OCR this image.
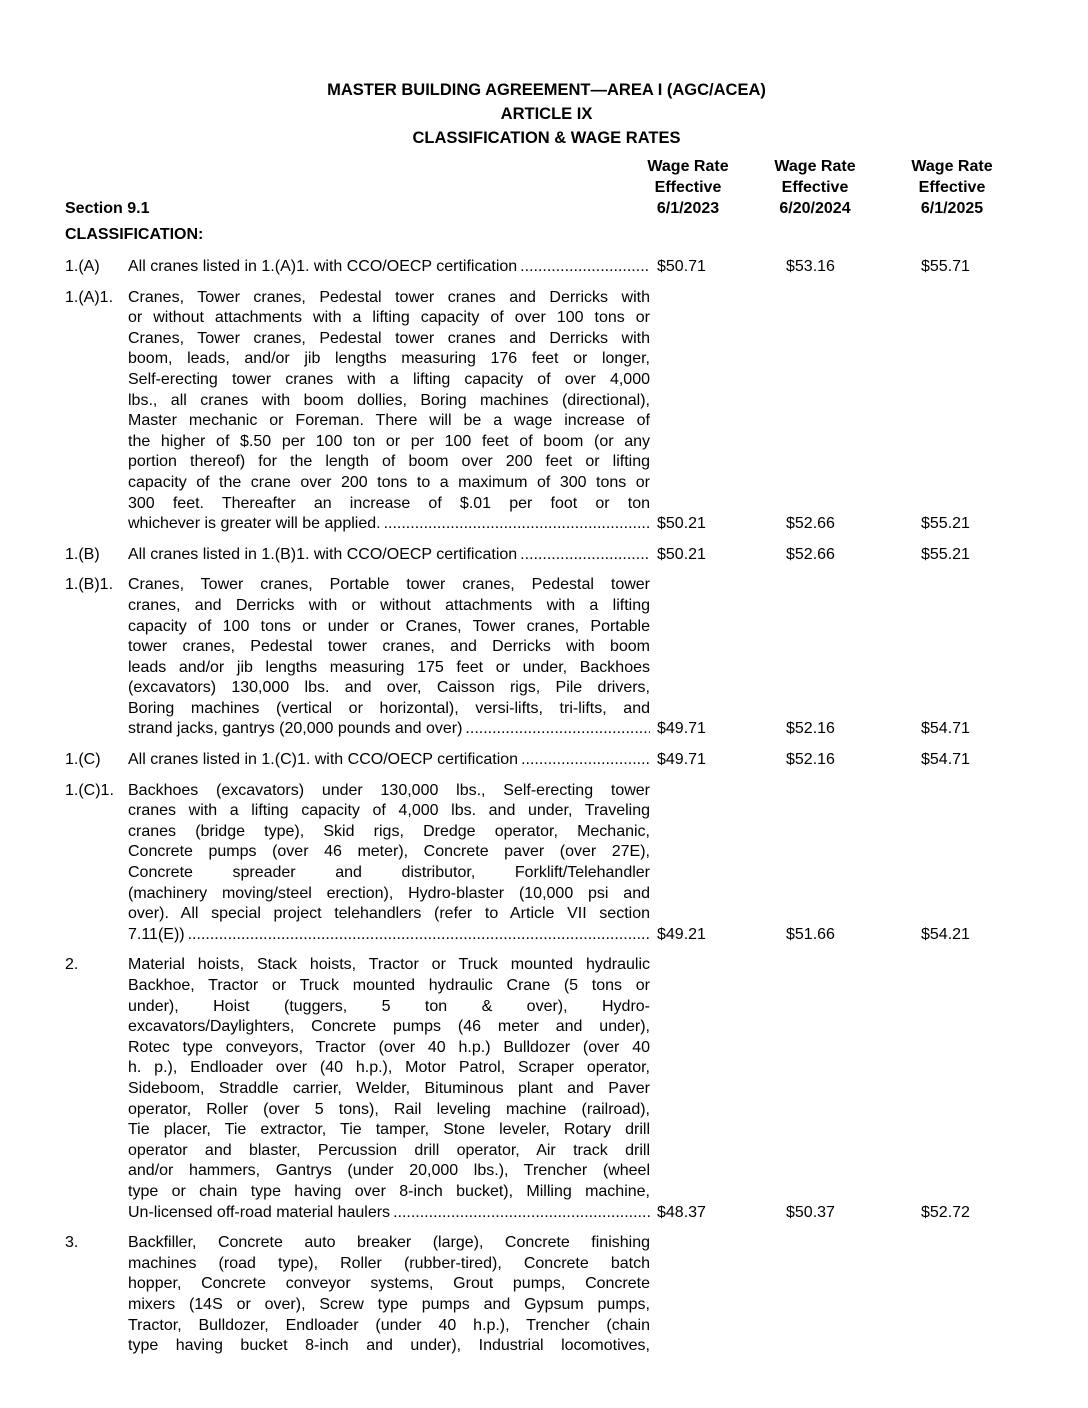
MASTER BUILDING AGREEMENT—AREA I (AGC/ACEA)
ARTICLE IX
CLASSIFICATION & WAGE RATES
Section 9.1
Wage Rate
Effective
6/1/2023
Wage Rate
Effective
6/20/2024
Wage Rate
Effective
6/1/2025
CLASSIFICATION:
1.(A)	All cranes listed in 1.(A)1. with CCO/OECP certification .....	$50.71	$53.16	$55.71
1.(A)1. Cranes, Tower cranes, Pedestal tower cranes and Derricks with
or without attachments with a lifting capacity of over 100 tons or
Cranes, Tower cranes, Pedestal tower cranes and Derricks with
boom, leads, and/or jib lengths measuring 176 feet or longer,
Self-erecting tower cranes with a lifting capacity of over 4,000
lbs., all cranes with boom dollies, Boring machines (directional),
Master mechanic or Foreman. There will be a wage increase of
the higher of $.50 per 100 ton or per 100 feet of boom (or any
portion thereof) for the length of boom over 200 feet or lifting
capacity of the crane over 200 tons to a maximum of 300 tons or
300 feet. Thereafter an increase of $.01 per foot or ton
whichever is greater will be applied. .....	$50.21	$52.66	$55.21
1.(B)	All cranes listed in 1.(B)1. with CCO/OECP certification .....	$50.21	$52.66	$55.21
1.(B)1. Cranes, Tower cranes, Portable tower cranes, Pedestal tower
cranes, and Derricks with or without attachments with a lifting
capacity of 100 tons or under or Cranes, Tower cranes, Portable
tower cranes, Pedestal tower cranes, and Derricks with boom
leads and/or jib lengths measuring 175 feet or under, Backhoes
(excavators) 130,000 lbs. and over, Caisson rigs, Pile drivers,
Boring machines (vertical or horizontal), versi-lifts, tri-lifts, and
strand jacks, gantrys (20,000 pounds and over) .....	$49.71	$52.16	$54.71
1.(C)	All cranes listed in 1.(C)1. with CCO/OECP certification .....	$49.71	$52.16	$54.71
1.(C)1. Backhoes (excavators) under 130,000 lbs., Self-erecting tower
cranes with a lifting capacity of 4,000 lbs. and under, Traveling
cranes (bridge type), Skid rigs, Dredge operator, Mechanic,
Concrete pumps (over 46 meter), Concrete paver (over 27E),
Concrete spreader and distributor, Forklift/Telehandler
(machinery moving/steel erection), Hydro-blaster (10,000 psi and
over). All special project telehandlers (refer to Article VII section
7.11(E)) .....	$49.21	$51.66	$54.21
2.	Material hoists, Stack hoists, Tractor or Truck mounted hydraulic
Backhoe, Tractor or Truck mounted hydraulic Crane (5 tons or
under), Hoist (tuggers, 5 ton & over), Hydro-
excavators/Daylighters, Concrete pumps (46 meter and under),
Rotec type conveyors, Tractor (over 40 h.p.) Bulldozer (over 40
h. p.), Endloader over (40 h.p.), Motor Patrol, Scraper operator,
Sideboom, Straddle carrier, Welder, Bituminous plant and Paver
operator, Roller (over 5 tons), Rail leveling machine (railroad),
Tie placer, Tie extractor, Tie tamper, Stone leveler, Rotary drill
operator and blaster, Percussion drill operator, Air track drill
and/or hammers, Gantrys (under 20,000 lbs.), Trencher (wheel
type or chain type having over 8-inch bucket), Milling machine,
Un-licensed off-road material haulers .....	$48.37	$50.37	$52.72
3.	Backfiller, Concrete auto breaker (large), Concrete finishing
machines (road type), Roller (rubber-tired), Concrete batch
hopper, Concrete conveyor systems, Grout pumps, Concrete
mixers (14S or over), Screw type pumps and Gypsum pumps,
Tractor, Bulldozer, Endloader (under 40 h.p.), Trencher (chain
type having bucket 8-inch and under), Industrial locomotives,
